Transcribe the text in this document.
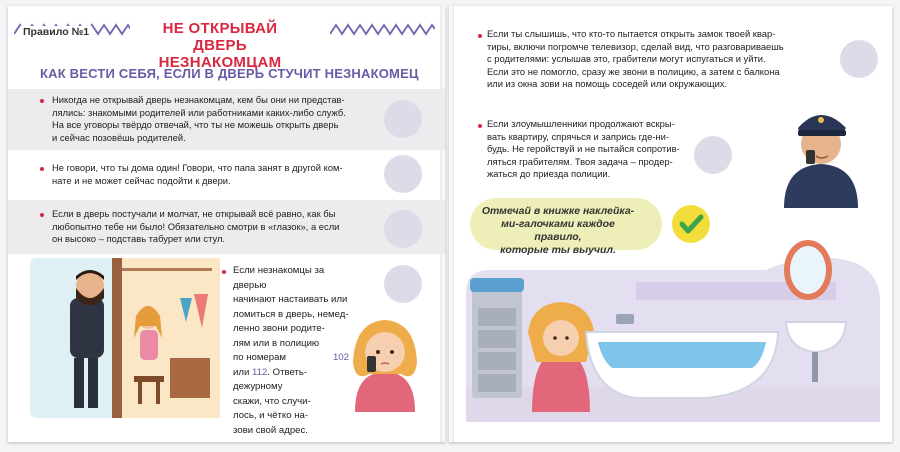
Правило №1	НЕ ОТКРЫВАЙ
ДВЕРЬ НЕЗНАКОМЦАМ
КАК ВЕСТИ СЕБЯ, ЕСЛИ В ДВЕРЬ СТУЧИТ НЕЗНАКОМЕЦ
Никогда не открывай дверь незнакомцам, кем бы они ни представ-
лялись: знакомыми родителей или работниками каких-либо служб.
На все уговоры твёрдо отвечай, что ты не можешь открыть дверь
и сейчас позовёшь родителей.
Не говори, что ты дома один! Говори, что папа занят в другой ком-
нате и не может сейчас подойти к двери.
Если в дверь постучали и молчат, не открывай всё равно, как бы
любопытно тебе ни было! Обязательно смотри в «глазок», а если
он высоко – подставь табурет или стул.
Если незнакомцы за дверью
начинают настаивать или
ломиться в дверь, немед-
ленно звони родите-
лям или в полицию
по номерам	102
или 112. Ответь-
дежурному
скажи, что случи-
лось, и чётко на-
зови свой адрес.
Если ты слышишь, что кто-то пытается открыть замок твоей квар-
тиры, включи погромче телевизор, сделай вид, что разговариваешь
с родителями: услышав это, грабители могут испугаться и уйти.
Если это не помогло, сразу же звони в полицию, а затем с балкона
или из окна зови на помощь соседей или окружающих.
Если злоумышленники продолжают вскры-
вать квартиру, спрячься и запрись где-ни-
будь. Не геройствуй и не пытайся сопротив-
ляться грабителям. Твоя задача – продер-
жаться до приезда полиции.
Отмечай в книжке наклейка-
ми-галочками каждое правило,
которые ты выучил.
